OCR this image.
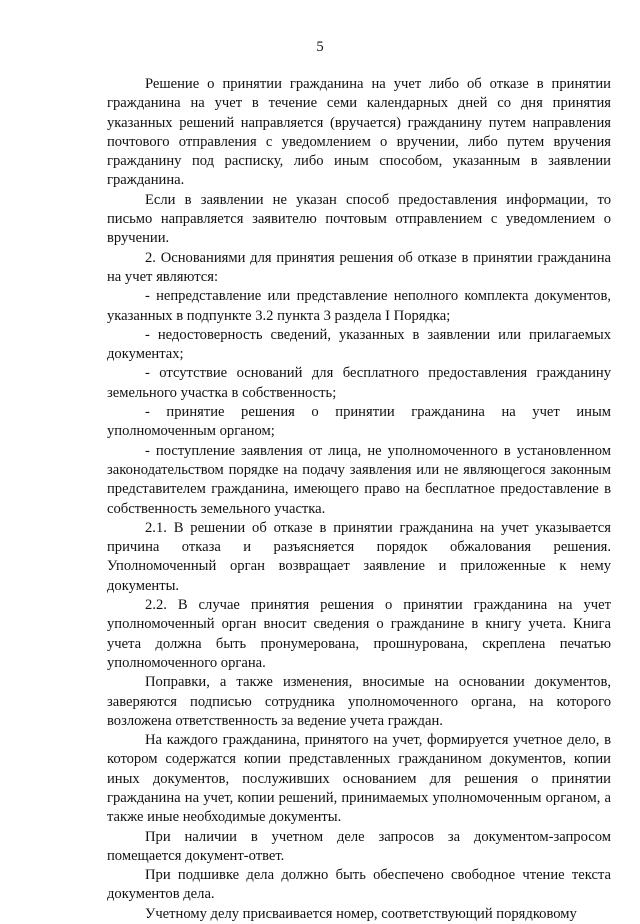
5

Решение о принятии гражданина на учет либо об отказе в принятии гражданина на учет в течение семи календарных дней со дня принятия указанных решений направляется (вручается) гражданину путем направления почтового отправления с уведомлением о вручении, либо путем вручения гражданину под расписку, либо иным способом, указанным в заявлении гражданина.

Если в заявлении не указан способ предоставления информации, то письмо направляется заявителю почтовым отправлением с уведомлением о вручении.

2. Основаниями для принятия решения об отказе в принятии гражданина на учет являются:

- непредставление или представление неполного комплекта документов, указанных в подпункте 3.2 пункта 3 раздела I Порядка;

- недостоверность сведений, указанных в заявлении или прилагаемых документах;

- отсутствие оснований для бесплатного предоставления гражданину земельного участка в собственность;

- принятие решения о принятии гражданина на учет иным уполномоченным органом;

- поступление заявления от лица, не уполномоченного в установленном законодательством порядке на подачу заявления или не являющегося законным представителем гражданина, имеющего право на бесплатное предоставление в собственность земельного участка.

2.1. В решении об отказе в принятии гражданина на учет указывается причина отказа и разъясняется порядок обжалования решения. Уполномоченный орган возвращает заявление и приложенные к нему документы.

2.2. В случае принятия решения о принятии гражданина на учет уполномоченный орган вносит сведения о гражданине в книгу учета. Книга учета должна быть пронумерована, прошнурована, скреплена печатью уполномоченного органа.

Поправки, а также изменения, вносимые на основании документов, заверяются подписью сотрудника уполномоченного органа, на которого возложена ответственность за ведение учета граждан.

На каждого гражданина, принятого на учет, формируется учетное дело, в котором содержатся копии представленных гражданином документов, копии иных документов, послуживших основанием для решения о принятии гражданина на учет, копии решений, принимаемых уполномоченным органом, а также иные необходимые документы.

При наличии в учетном деле запросов за документом-запросом помещается документ-ответ.

При подшивке дела должно быть обеспечено свободное чтение текста документов дела.

Учетному делу присваивается номер, соответствующий порядковому
